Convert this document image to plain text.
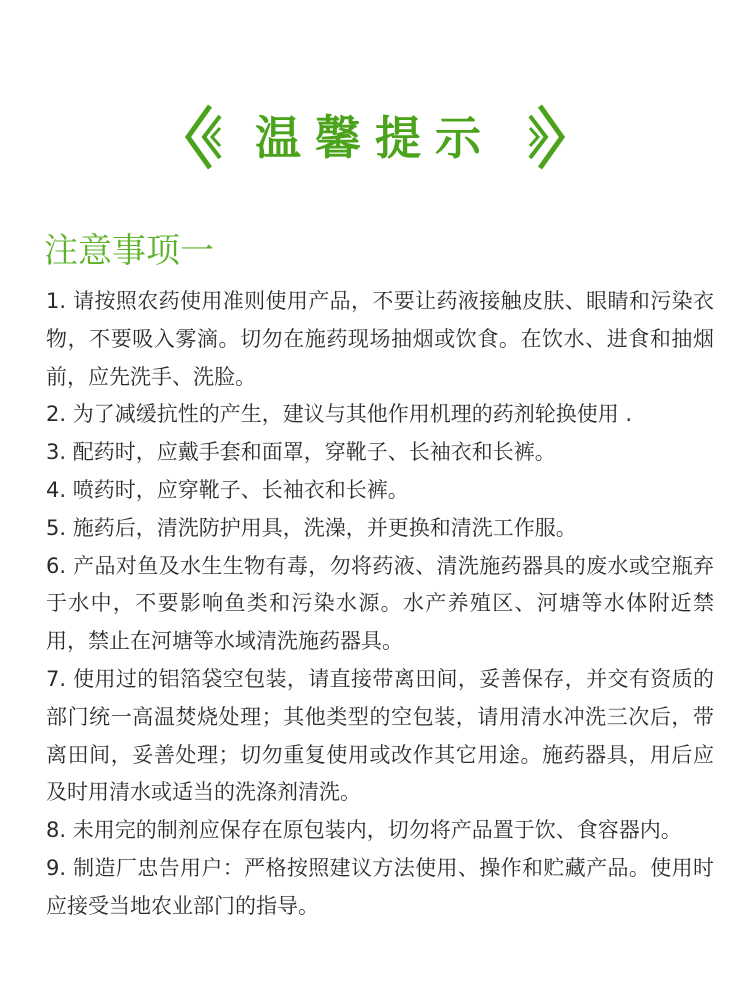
温馨提示
注意事项一

1. 请按照农药使用准则使用产品，不要让药液接触皮肤、眼睛和污染衣物，不要吸入雾滴。切勿在施药现场抽烟或饮食。在饮水、进食和抽烟前，应先洗手、洗脸。

2. 为了减缓抗性的产生，建议与其他作用机理的药剂轮换使用 .

3. 配药时，应戴手套和面罩，穿靴子、长袖衣和长裤。

4. 喷药时，应穿靴子、长袖衣和长裤。

5. 施药后，清洗防护用具，洗澡，并更换和清洗工作服。

6. 产品对鱼及水生生物有毒，勿将药液、清洗施药器具的废水或空瓶弃于水中，不要影响鱼类和污染水源。水产养殖区、河塘等水体附近禁用，禁止在河塘等水域清洗施药器具。

7. 使用过的铝箔袋空包装，请直接带离田间，妥善保存，并交有资质的部门统一高温焚烧处理；其他类型的空包装，请用清水冲洗三次后，带离田间，妥善处理；切勿重复使用或改作其它用途。施药器具，用后应及时用清水或适当的洗涤剂清洗。

8. 未用完的制剂应保存在原包装内，切勿将产品置于饮、食容器内。

9. 制造厂忠告用户：严格按照建议方法使用、操作和贮藏产品。使用时应接受当地农业部门的指导。
